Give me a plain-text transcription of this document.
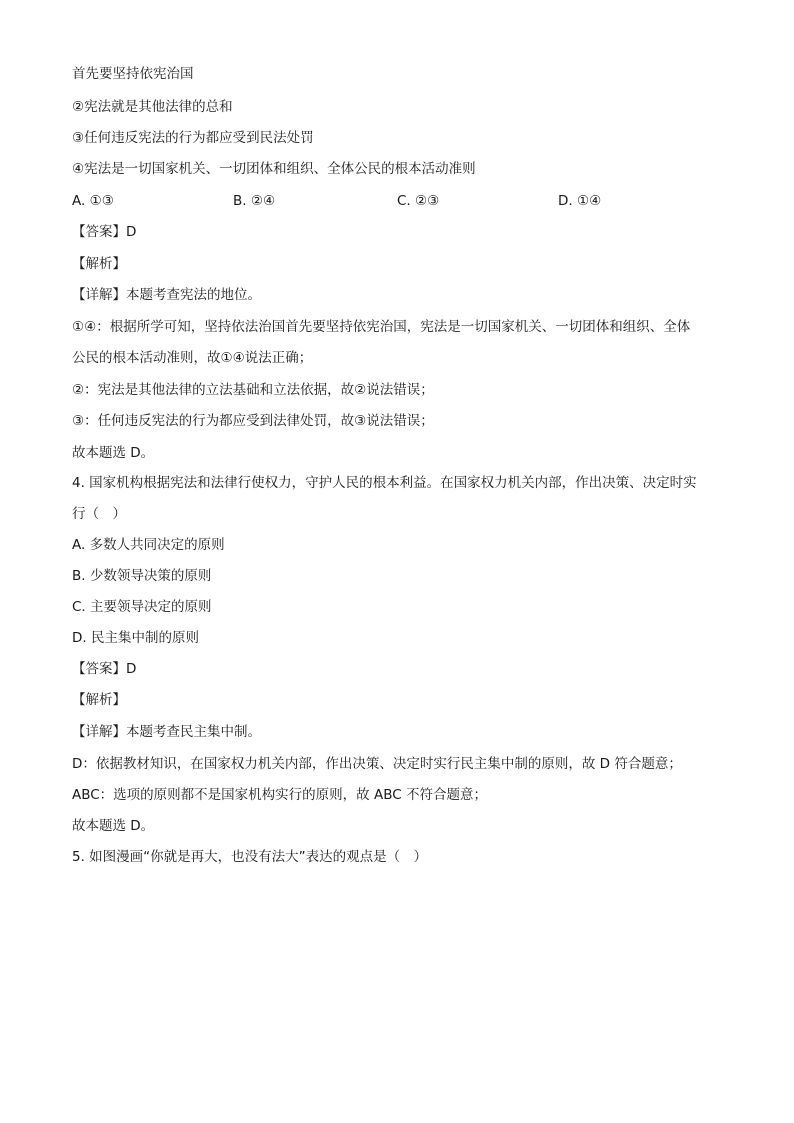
首先要坚持依宪治国
②宪法就是其他法律的总和
③任何违反宪法的行为都应受到民法处罚
④宪法是一切国家机关、一切团体和组织、全体公民的根本活动准则
A. ①③	B. ②④	C. ②③	D. ①④
【答案】D
【解析】
【详解】本题考查宪法的地位。
①④：根据所学可知，坚持依法治国首先要坚持依宪治国，宪法是一切国家机关、一切团体和组织、全体
公民的根本活动准则，故①④说法正确；
②：宪法是其他法律的立法基础和立法依据，故②说法错误；
③：任何违反宪法的行为都应受到法律处罚，故③说法错误；
故本题选 D。
4. 国家机构根据宪法和法律行使权力，守护人民的根本利益。在国家权力机关内部，作出决策、决定时实
行（　）
A. 多数人共同决定的原则
B. 少数领导决策的原则
C. 主要领导决定的原则
D. 民主集中制的原则
【答案】D
【解析】
【详解】本题考查民主集中制。
D：依据教材知识，在国家权力机关内部，作出决策、决定时实行民主集中制的原则，故 D 符合题意；
ABC：选项的原则都不是国家机构实行的原则，故 ABC 不符合题意；
故本题选 D。
5. 如图漫画“你就是再大，也没有法大”表达的观点是（　）
